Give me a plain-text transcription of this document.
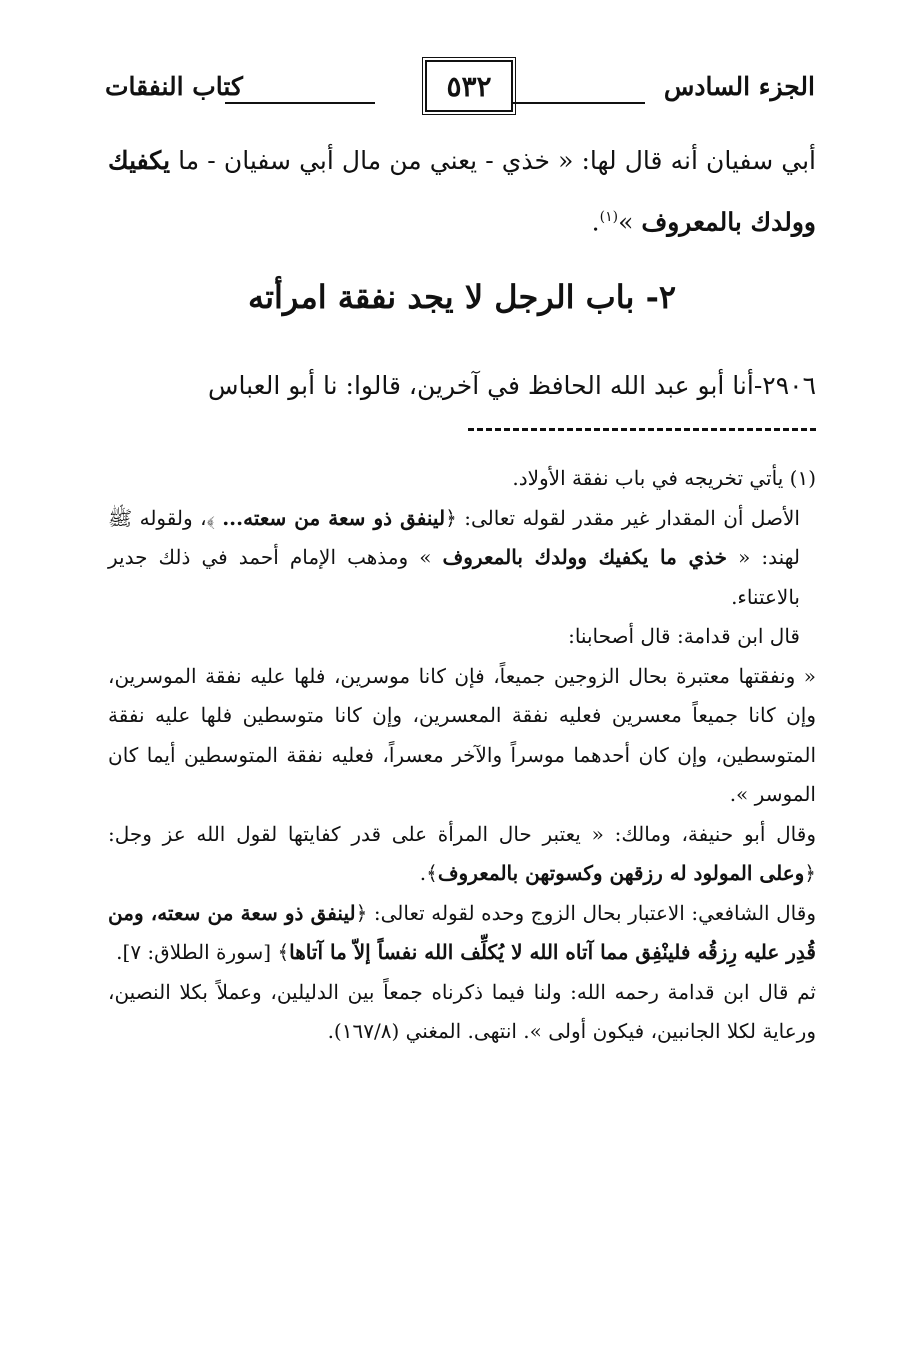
الجزء السادس
٥٣٢
كتاب النفقات
أبي سفيان أنه قال لها: « خذي - يعني من مال أبي سفيان - ما يكفيك وولدك بالمعروف »$^{(١)}$.
٢- باب الرجل لا يجد نفقة امرأته
٢٩٠٦-أنا أبو عبد الله الحافظ في آخرين، قالوا: نا أبو العباس

(١) يأتي تخريجه في باب نفقة الأولاد.

الأصل أن المقدار غير مقدر لقوله تعالى: ﴿لينفق ذو سعة من سعته... ﴾، ولقوله ﷺ لهند: « خذي ما يكفيك وولدك بالمعروف » ومذهب الإمام أحمد في ذلك جدير بالاعتناء.

قال ابن قدامة: قال أصحابنا:

« ونفقتها معتبرة بحال الزوجين جميعاً، فإن كانا موسرين، فلها عليه نفقة الموسرين، وإن كانا جميعاً معسرين فعليه نفقة المعسرين، وإن كانا متوسطين فلها عليه نفقة المتوسطين، وإن كان أحدهما موسراً والآخر معسراً، فعليه نفقة المتوسطين أيما كان الموسر ».

وقال أبو حنيفة، ومالك: « يعتبر حال المرأة على قدر كفايتها لقول الله عز وجل: ﴿وعلى المولود له رزقهن وكسوتهن بالمعروف﴾.

وقال الشافعي: الاعتبار بحال الزوج وحده لقوله تعالى: ﴿لينفق ذو سعة من سعته، ومن قُدِر عليه رِزقُه فلينْفِق مما آتاه الله لا يُكلِّف الله نفساً إلاّ ما آتاها﴾ [سورة الطلاق: ٧].

ثم قال ابن قدامة رحمه الله: ولنا فيما ذكرناه جمعاً بين الدليلين، وعملاً بكلا النصين، ورعاية لكلا الجانبين، فيكون أولى ». انتهى. المغني (١٦٧/٨).
